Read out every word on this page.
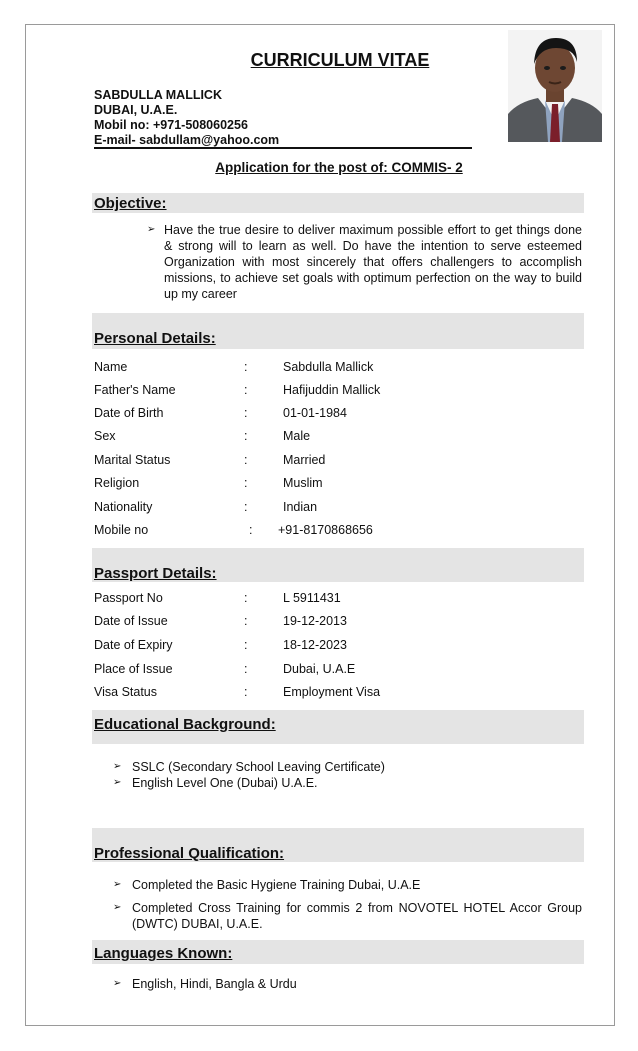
CURRICULUM VITAE
SABDULLA MALLICK
DUBAI, U.A.E.
Mobil no: +971-508060256
E-mail- sabdullam@yahoo.com
Application for the post of: COMMIS- 2
Objective:
➢ Have the true desire to deliver maximum possible effort to get things done & strong will to learn as well. Do have the intention to serve esteemed Organization with most sincerely that offers challengers to accomplish missions, to achieve set goals with optimum perfection on the way to build up my career
Personal Details:
Name	:	Sabdulla Mallick
Father's Name	:	Hafijuddin Mallick
Date of Birth	:	01-01-1984
Sex	:	Male
Marital Status	:	Married
Religion	:	Muslim
Nationality	:	Indian
Mobile no	: +91-8170868656
Passport Details:
Passport No	:	L 5911431
Date of Issue	:	19-12-2013
Date of Expiry	:	18-12-2023
Place of Issue	:	Dubai, U.A.E
Visa Status	:	Employment Visa
Educational Background:
➢ SSLC (Secondary School Leaving Certificate)
➢ English Level One (Dubai) U.A.E.
Professional Qualification:
➢ Completed the Basic Hygiene Training Dubai, U.A.E
➢ Completed Cross Training for commis 2 from NOVOTEL HOTEL Accor Group (DWTC) DUBAI, U.A.E.
Languages Known:
➢ English, Hindi, Bangla & Urdu
